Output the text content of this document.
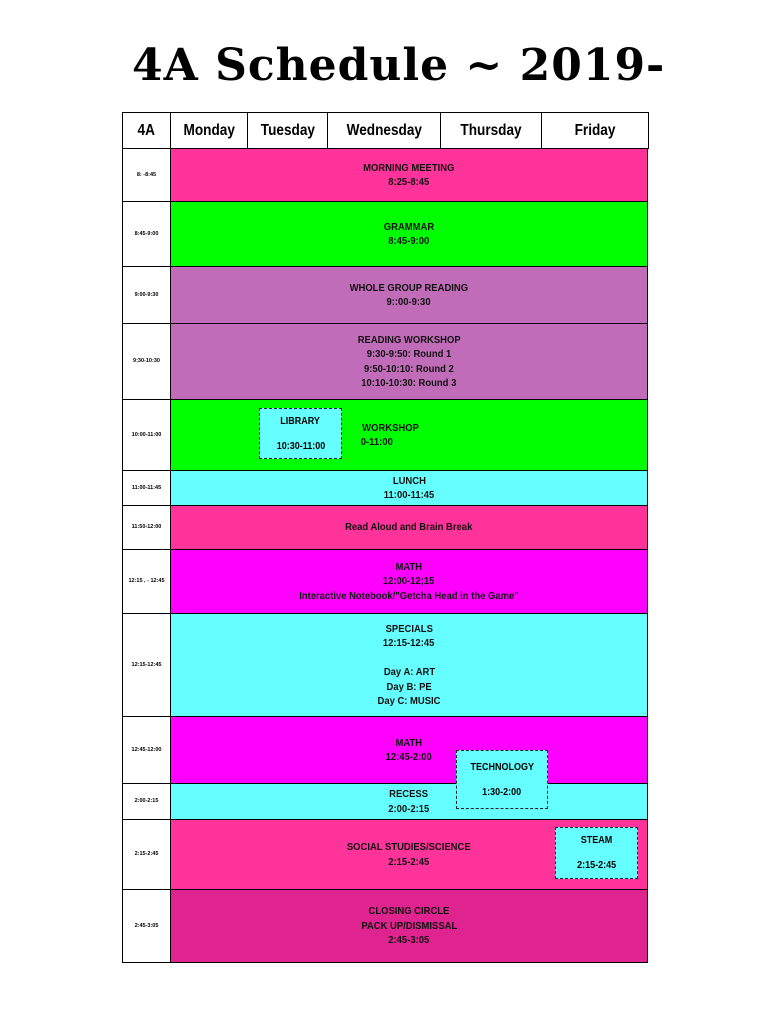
4A Schedule ~ 2019-
4A Monday Tuesday Wednesday Thursday	Friday
8: -8:45
MORNING MEETING
8:25-8:45
8:45-9:00
GRAMMAR
8:45-9:00
9:00-9:30
WHOLE GROUP READING
9::00-9:30
9:30-10:30
READING WORKSHOP
9:30-9:50: Round 1
9:50-10:10: Round 2
10:10-10:30: Round 3
10:00-11:00
WORKSHOP
0-11:00
11:00-11:45
LUNCH
11:00-11:45
11:50-12:00	Read Aloud and Brain Break
12:15 , - 12:45
MATH
12:00-12;15
Interactive Notebook/"Getcha Head in the Game"
12:15-12:45
SPECIALS
12:15-12:45
Day A: ART
Day B: PE
Day C: MUSIC
12:45-12:00
MATH
12:45-2:00
2:00-2:15
RECESS
2:00-2:15
2:15-2:45
SOCIAL STUDIES/SCIENCE
2:15-2:45
2:45-3:05
CLOSING CIRCLE
PACK UP/DISMISSAL
2:45-3:05
LIBRARY
10:30-11:00
TECHNOLOGY
1:30-2:00
STEAM
2:15-2:45
